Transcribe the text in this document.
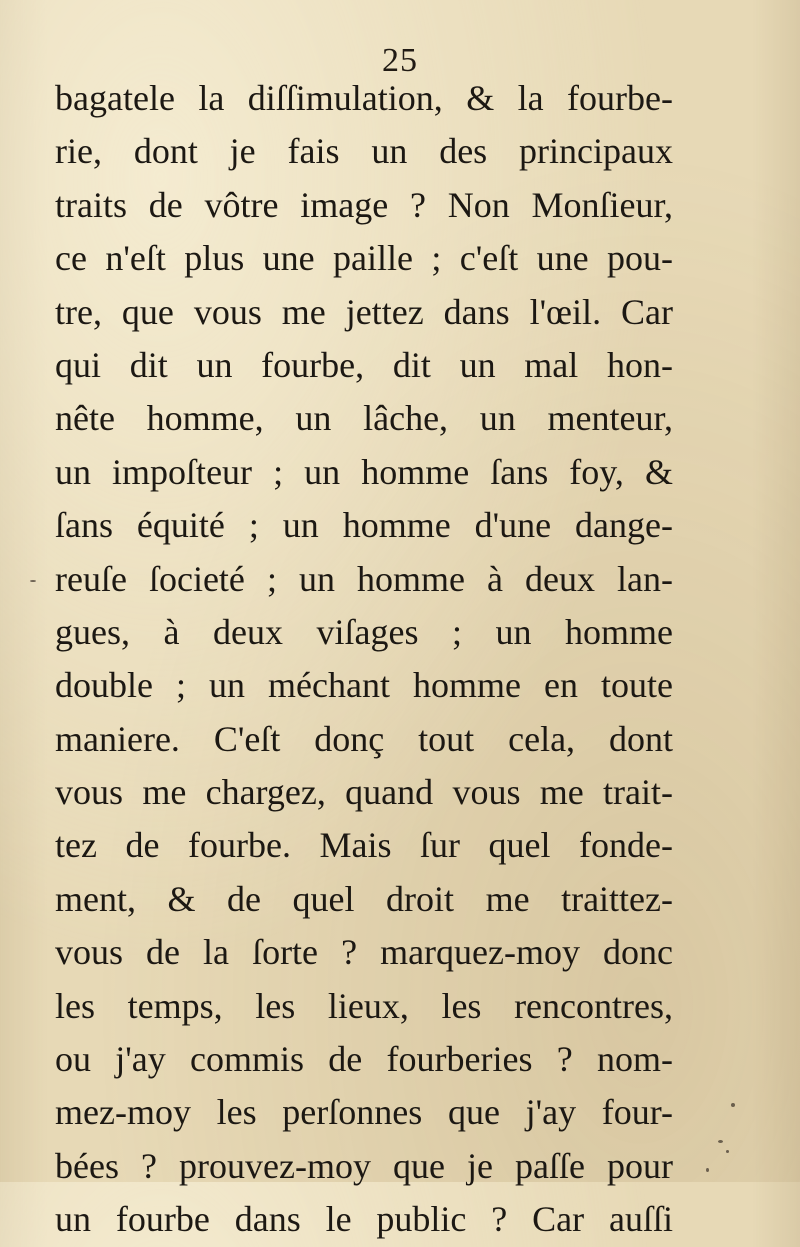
25
bagatele la diſſimulation, & la fourbe-
rie, dont je fais un des principaux
traits de vôtre image ? Non Monſieur,
ce n'eſt plus une paille ; c'eſt une pou-
tre, que vous me jettez dans l'œil. Car
qui dit un fourbe, dit un mal hon-
nête homme, un lâche, un menteur,
un impoſteur ; un homme ſans foy, &
ſans équité ; un homme d'une dange-
reuſe ſocieté ; un homme à deux lan-
gues, à deux viſages ; un homme
double ; un méchant homme en toute
maniere. C'eſt donç tout cela, dont
vous me chargez, quand vous me trait-
tez de fourbe. Mais ſur quel fonde-
ment, & de quel droit me traittez-
vous de la ſorte ? marquez-moy donc
les temps, les lieux, les rencontres,
ou j'ay commis de fourberies ? nom-
mez-moy les perſonnes que j'ay four-
bées ? prouvez-moy que je paſſe pour
un fourbe dans le public ? Car auſſi
